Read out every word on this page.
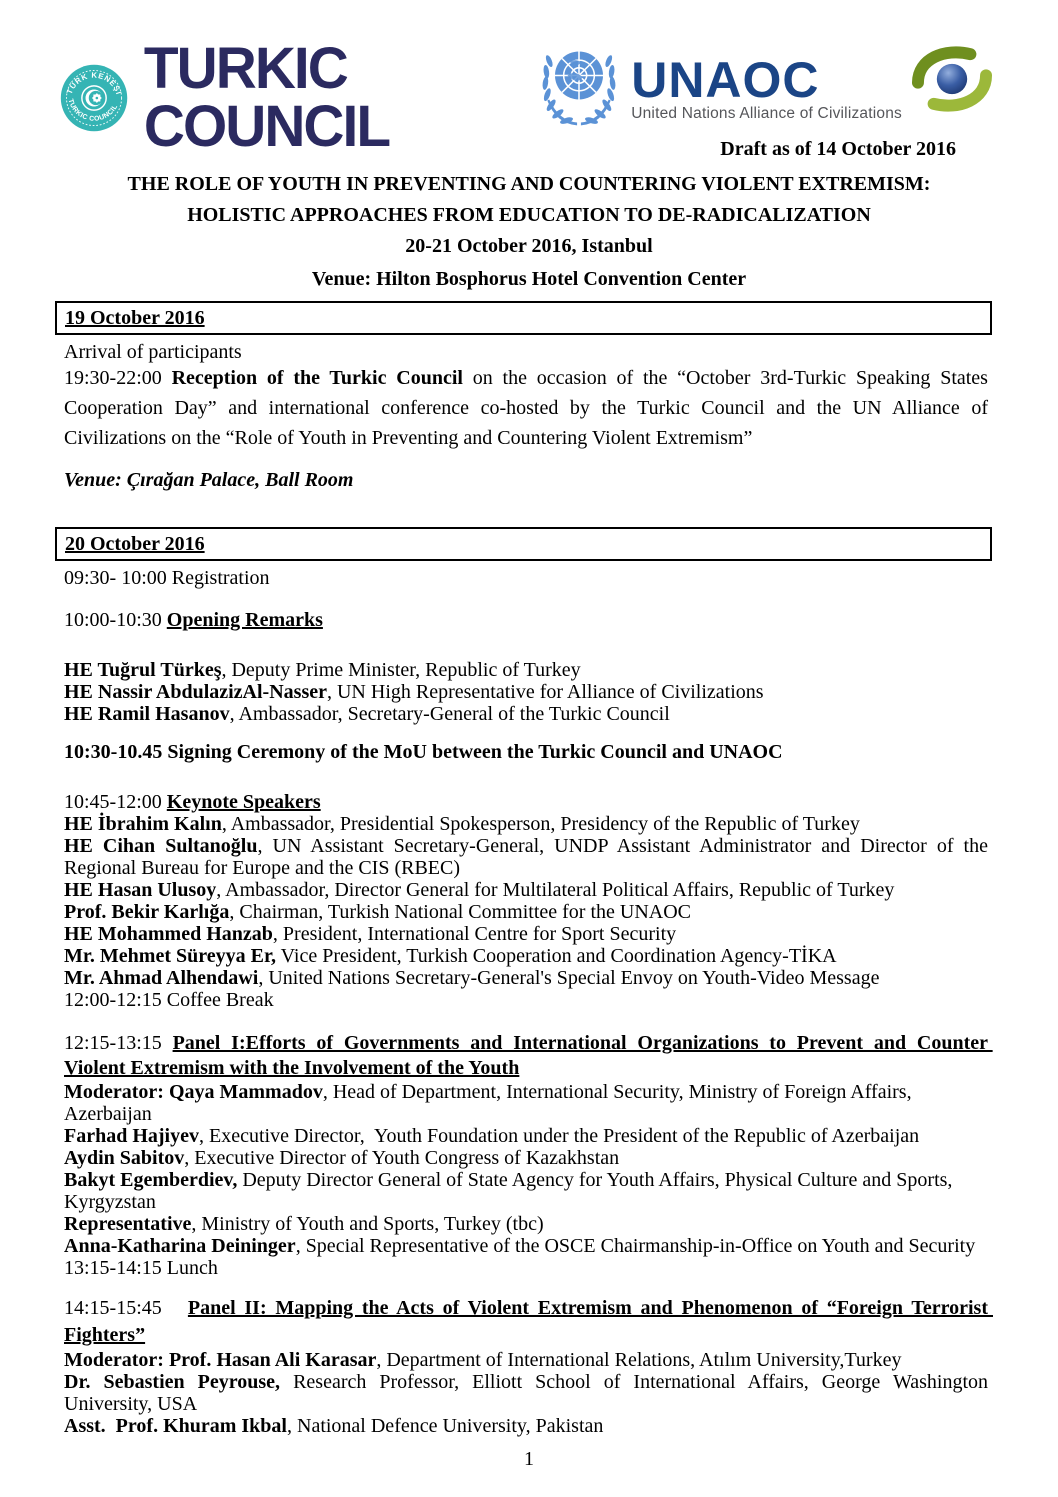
TÜRK KENEŞI
TURKIC COUNCIL
TURKIC COUNCIL
UNAOC
United Nations Alliance of Civilizations
Draft as of 14 October 2016
THE ROLE OF YOUTH IN PREVENTING AND COUNTERING VIOLENT EXTREMISM:
HOLISTIC APPROACHES FROM EDUCATION TO DE-RADICALIZATION
20-21 October 2016, Istanbul
Venue: Hilton Bosphorus Hotel Convention Center
19 October 2016
Arrival of participants
19:30-22:00 Reception of the Turkic Council on the occasion of the “October 3rd-Turkic Speaking States Cooperation Day” and international conference co-hosted by the Turkic Council and the UN Alliance of Civilizations on the “Role of Youth in Preventing and Countering Violent Extremism”
Venue: Çırağan Palace, Ball Room
20 October 2016
09:30- 10:00 Registration
10:00-10:30 Opening Remarks
HE Tuğrul Türkeş, Deputy Prime Minister, Republic of Turkey
HE Nassir AbdulazizAl-Nasser, UN High Representative for Alliance of Civilizations
HE Ramil Hasanov, Ambassador, Secretary-General of the Turkic Council
10:30-10.45 Signing Ceremony of the MoU between the Turkic Council and UNAOC
10:45-12:00 Keynote Speakers
HE İbrahim Kalın, Ambassador, Presidential Spokesperson, Presidency of the Republic of Turkey
HE Cihan Sultanoğlu, UN Assistant Secretary-General, UNDP Assistant Administrator and Director of the Regional Bureau for Europe and the CIS (RBEC)
HE Hasan Ulusoy, Ambassador, Director General for Multilateral Political Affairs, Republic of Turkey
Prof. Bekir Karlığa, Chairman, Turkish National Committee for the UNAOC
HE Mohammed Hanzab, President, International Centre for Sport Security
Mr. Mehmet Süreyya Er, Vice President, Turkish Cooperation and Coordination Agency-TİKA
Mr. Ahmad Alhendawi, United Nations Secretary-General's Special Envoy on Youth-Video Message
12:00-12:15 Coffee Break
12:15-13:15 Panel I:Efforts of Governments and International Organizations to Prevent and Counter Violent Extremism with the Involvement of the Youth
Moderator: Qaya Mammadov, Head of Department, International Security, Ministry of Foreign Affairs, Azerbaijan
Farhad Hajiyev, Executive Director,  Youth Foundation under the President of the Republic of Azerbaijan
Aydin Sabitov, Executive Director of Youth Congress of Kazakhstan
Bakyt Egemberdiev, Deputy Director General of State Agency for Youth Affairs, Physical Culture and Sports, Kyrgyzstan
Representative, Ministry of Youth and Sports, Turkey (tbc)
Anna-Katharina Deininger, Special Representative of the OSCE Chairmanship-in-Office on Youth and Security
13:15-14:15 Lunch
14:15-15:45   Panel II: Mapping the Acts of Violent Extremism and Phenomenon of “Foreign Terrorist Fighters”
Moderator: Prof. Hasan Ali Karasar, Department of International Relations, Atılım University,Turkey
Dr. Sebastien Peyrouse, Research Professor, Elliott School of International Affairs, George Washington University, USA
Asst.  Prof. Khuram Ikbal, National Defence University, Pakistan
1
